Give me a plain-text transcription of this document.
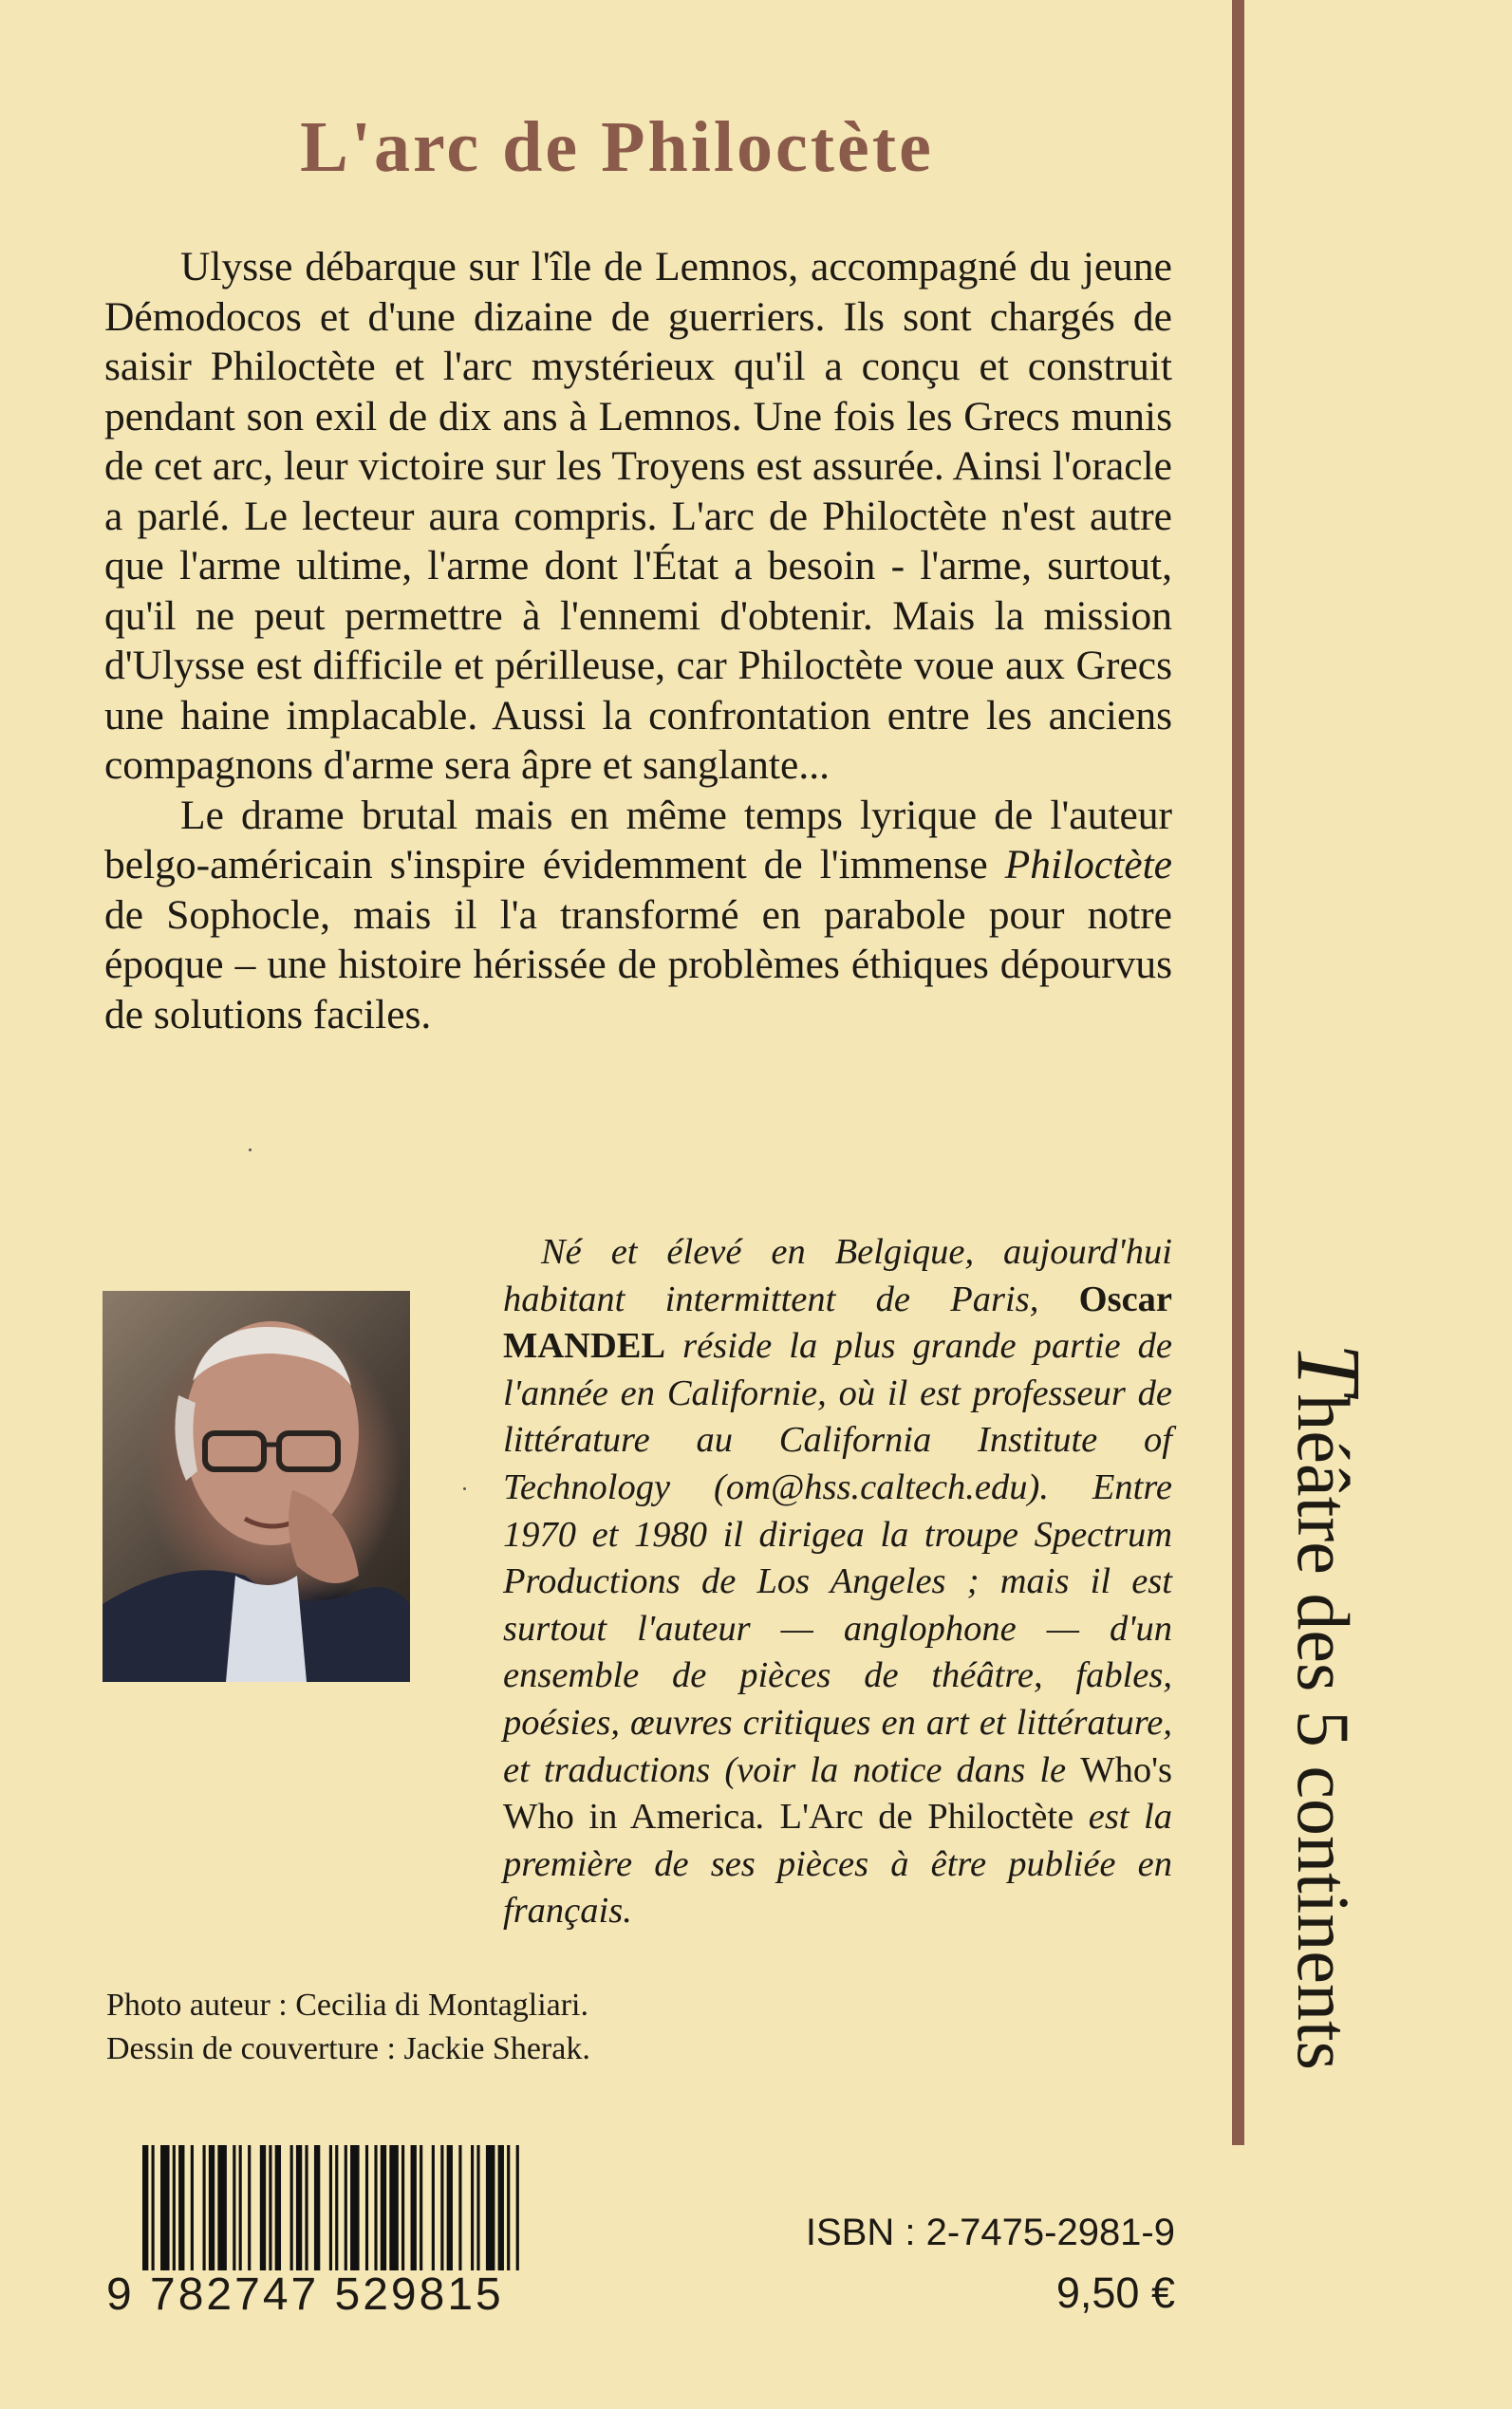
L'arc de Philoctète

Ulysse débarque sur l'île de Lemnos, accompagné du jeune Démodocos et d'une dizaine de guerriers. Ils sont chargés de saisir Philoctète et l'arc mystérieux qu'il a conçu et construit pendant son exil de dix ans à Lemnos. Une fois les Grecs munis de cet arc, leur victoire sur les Troyens est assurée. Ainsi l'oracle a parlé. Le lecteur aura compris. L'arc de Philoctète n'est autre que l'arme ultime, l'arme dont l'État a besoin - l'arme, surtout, qu'il ne peut permettre à l'ennemi d'obtenir. Mais la mission d'Ulysse est difficile et périlleuse, car Philoctète voue aux Grecs une haine implacable. Aussi la confrontation entre les anciens compagnons d'arme sera âpre et sanglante...

Le drame brutal mais en même temps lyrique de l'auteur belgo-américain s'inspire évidemment de l'immense Philoctète de Sophocle, mais il l'a transformé en parabole pour notre époque – une histoire hérissée de problèmes éthiques dépourvus de solutions faciles.

Né et élevé en Belgique, aujourd'hui habitant intermittent de Paris, Oscar MANDEL réside la plus grande partie de l'année en Californie, où il est professeur de littérature au California Institute of Technology (om@hss.caltech.edu). Entre 1970 et 1980 il dirigea la troupe Spectrum Productions de Los Angeles ; mais il est surtout l'auteur — anglophone — d'un ensemble de pièces de théâtre, fables, poésies, œuvres critiques en art et littérature, et traductions (voir la notice dans le Who's Who in America. L'Arc de Philoctète est la première de ses pièces à être publiée en français.

Photo auteur : Cecilia di Montagliari.
Dessin de couverture : Jackie Sherak.
9 782747 529815
ISBN : 2-7475-2981-9
9,50 €
Théâtre des 5 continents
